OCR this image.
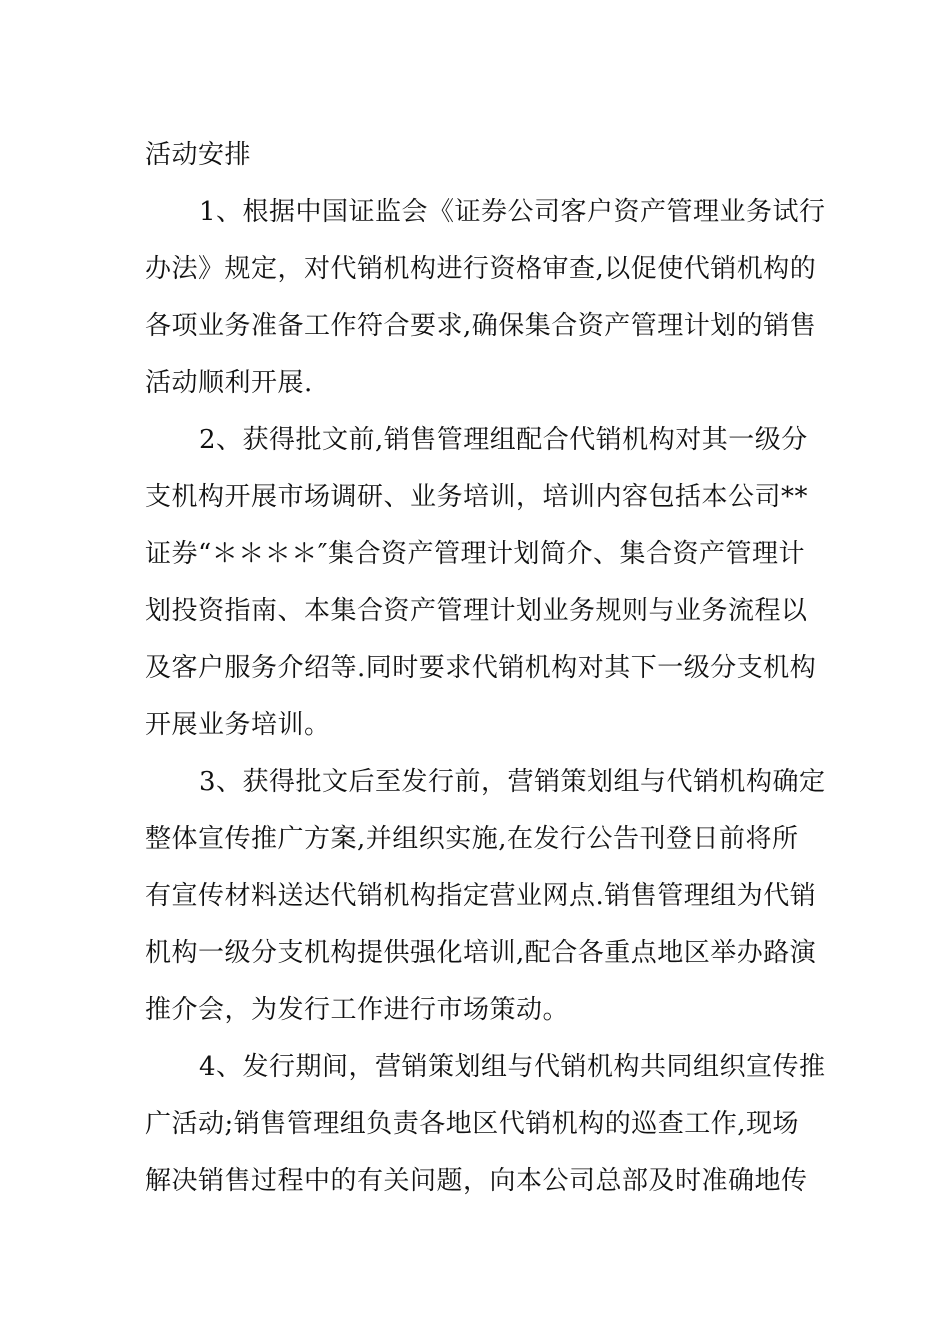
活动安排
1、根据中国证监会《证券公司客户资产管理业务试行
办法》规定，对代销机构进行资格审查,以促使代销机构的
各项业务准备工作符合要求,确保集合资产管理计划的销售
活动顺利开展.
2、获得批文前,销售管理组配合代销机构对其一级分
支机构开展市场调研、业务培训，培训内容包括本公司**
证券“＊＊＊＊″集合资产管理计划简介、集合资产管理计
划投资指南、本集合资产管理计划业务规则与业务流程以
及客户服务介绍等.同时要求代销机构对其下一级分支机构
开展业务培训。
3、获得批文后至发行前，营销策划组与代销机构确定
整体宣传推广方案,并组织实施,在发行公告刊登日前将所
有宣传材料送达代销机构指定营业网点.销售管理组为代销
机构一级分支机构提供强化培训,配合各重点地区举办路演
推介会，为发行工作进行市场策动。
4、发行期间，营销策划组与代销机构共同组织宣传推
广活动;销售管理组负责各地区代销机构的巡查工作,现场
解决销售过程中的有关问题，向本公司总部及时准确地传
